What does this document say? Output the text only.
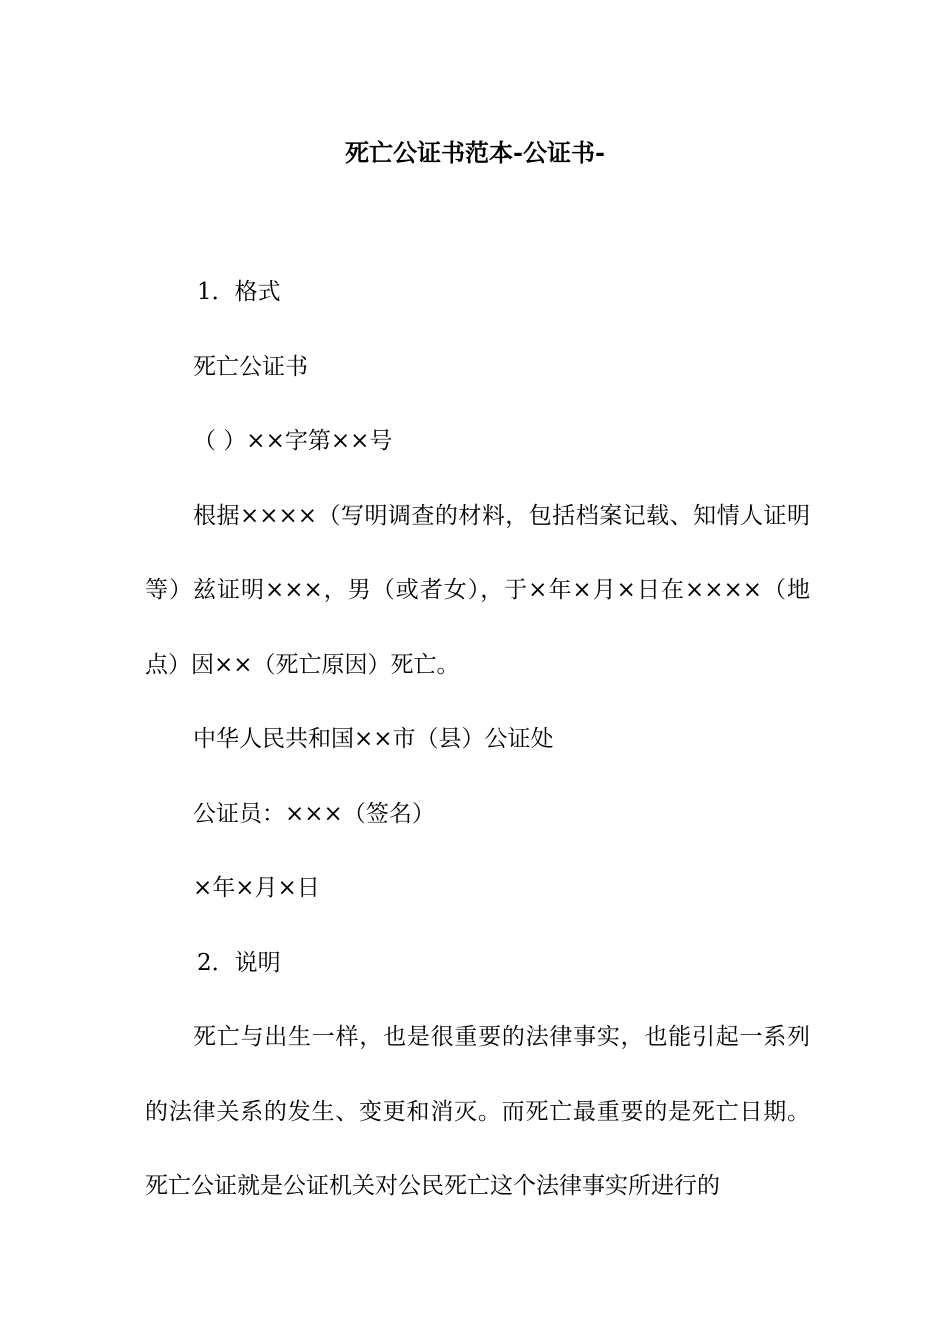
死亡公证书范本-公证书-

1．格式

死亡公证书

（ ）××字第××号

根据××××（写明调查的材料，包括档案记载、知情人证明等）兹证明×××，男（或者女），于×年×月×日在××××（地点）因××（死亡原因）死亡。

中华人民共和国××市（县）公证处

公证员：×××（签名）

×年×月×日

2．说明

死亡与出生一样，也是很重要的法律事实，也能引起一系列的法律关系的发生、变更和消灭。而死亡最重要的是死亡日期。死亡公证就是公证机关对公民死亡这个法律事实所进行的
